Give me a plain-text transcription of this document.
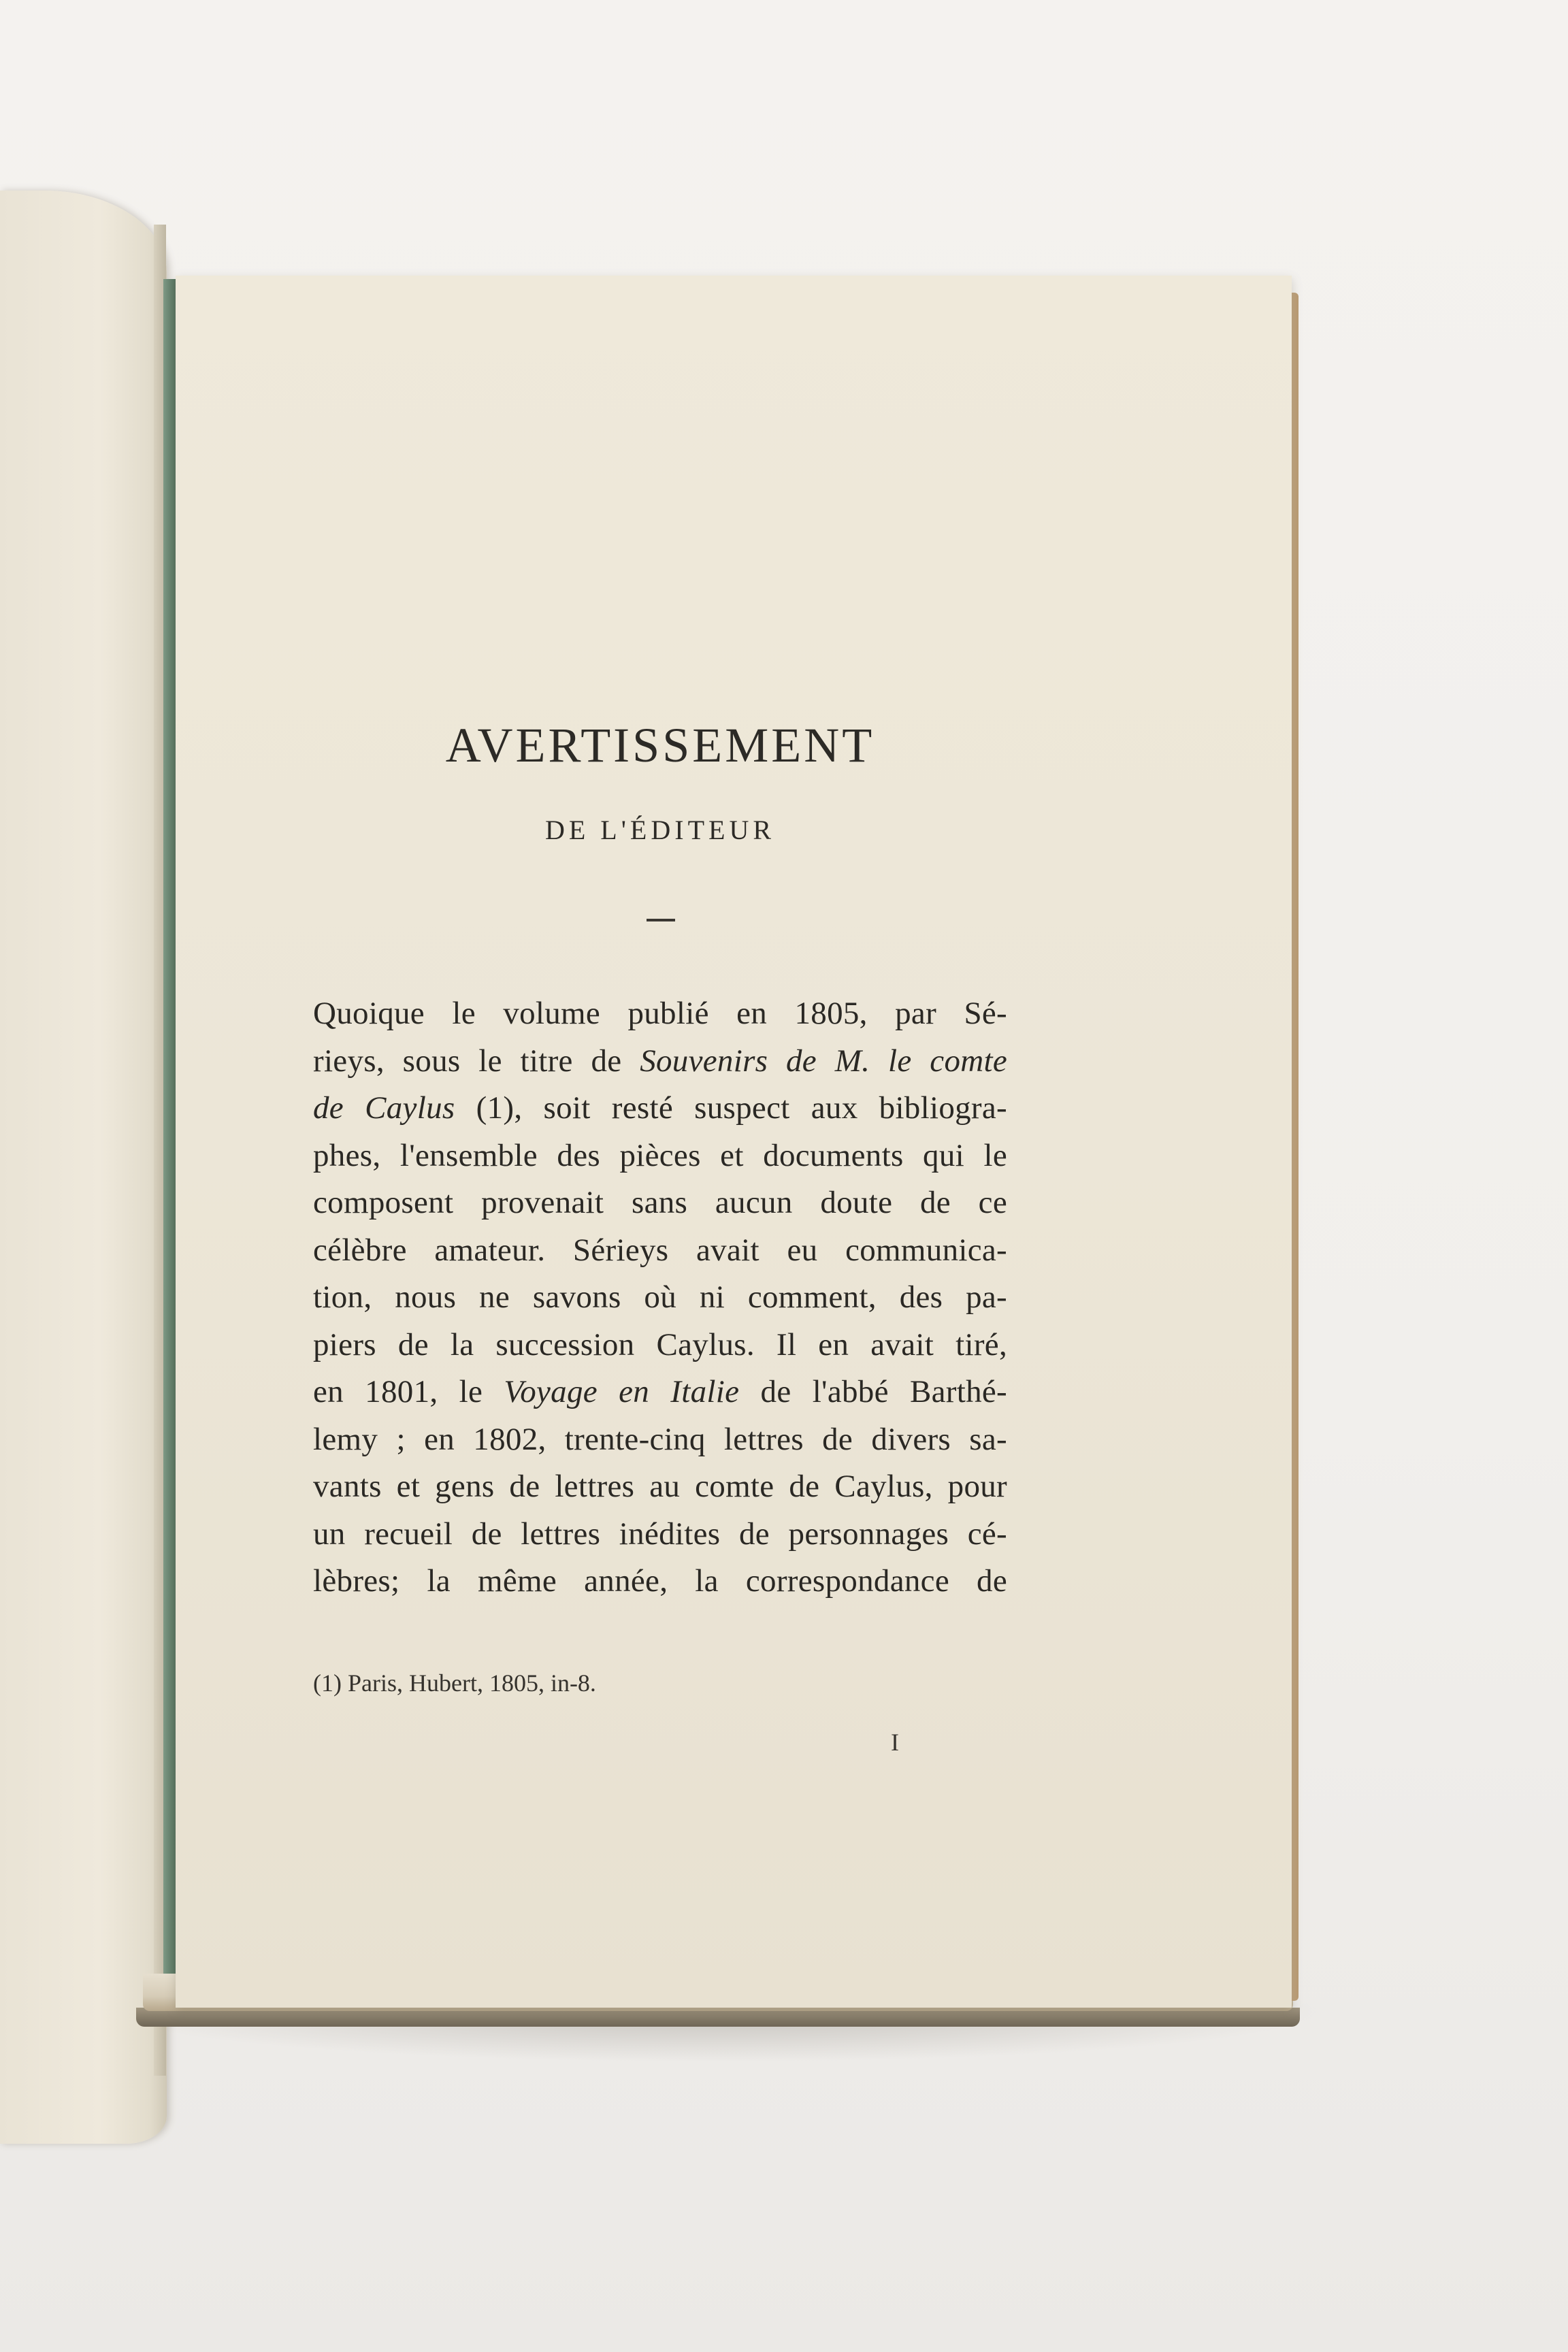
AVERTISSEMENT
DE L'ÉDITEUR
Quoique le volume publié en 1805, par Sé-
rieys, sous le titre de Souvenirs de M. le comte
de Caylus (1), soit resté suspect aux bibliogra-
phes, l'ensemble des pièces et documents qui le
composent provenait sans aucun doute de ce
célèbre amateur. Sérieys avait eu communica-
tion, nous ne savons où ni comment, des pa-
piers de la succession Caylus. Il en avait tiré,
en 1801, le Voyage en Italie de l'abbé Barthé-
lemy ; en 1802, trente-cinq lettres de divers sa-
vants et gens de lettres au comte de Caylus, pour
un recueil de lettres inédites de personnages cé-
lèbres; la même année, la correspondance de
(1) Paris, Hubert, 1805, in-8.
I
